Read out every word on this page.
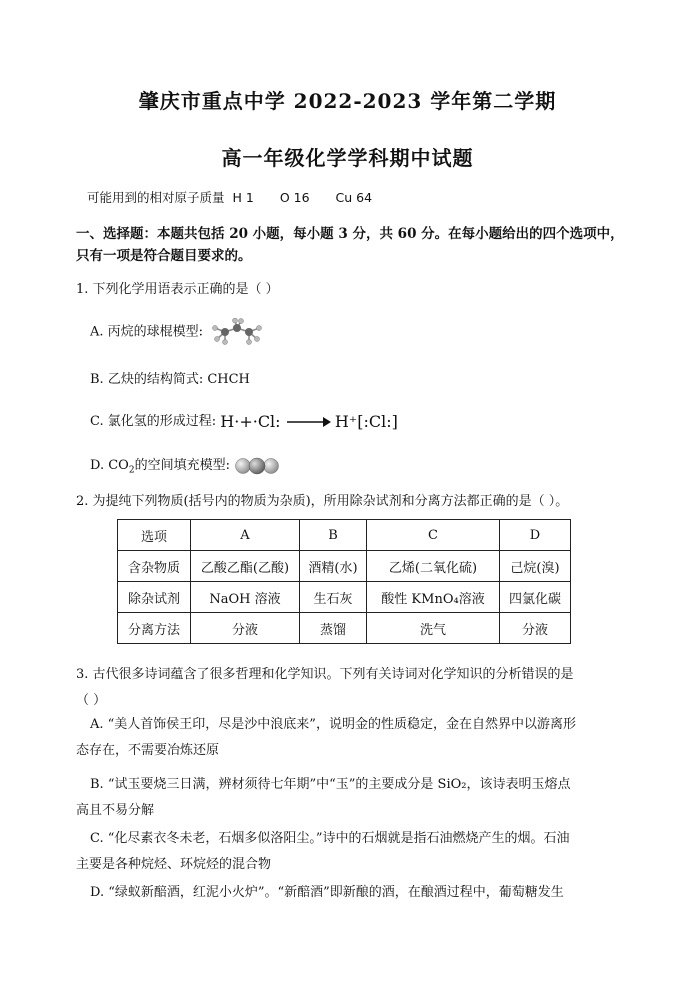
肇庆市重点中学 2022-2023 学年第二学期
高一年级化学学科期中试题
可能用到的相对原子质量 H 1 O 16 Cu 64
一、选择题：本题共包括 20 小题，每小题 3 分，共 60 分。在每小题给出的四个选项中，
只有一项是符合题目要求的。
1. 下列化学用语表示正确的是（ ）
A. 丙烷的球棍模型:
B. 乙炔的结构简式: CHCH
C. 氯化氢的形成过程: H·+·Cl: → H⁺[:Cl:]
D. $CO_2$的空间填充模型:
2. 为提纯下列物质(括号内的物质为杂质)，所用除杂试剂和分离方法都正确的是（ ）。
选项	A	B	C	D
含杂物质	乙酸乙酯(乙酸)	酒精(水)	乙烯(二氧化硫)	己烷(溴)
除杂试剂	NaOH 溶液	生石灰	酸性 KMnO₄溶液	四氯化碳
分离方法	分液	蒸馏	洗气	分液
3. 古代很多诗词蕴含了很多哲理和化学知识。下列有关诗词对化学知识的分析错误的是
（ ）
A. “美人首饰侯王印，尽是沙中浪底来”，说明金的性质稳定，金在自然界中以游离形
态存在，不需要冶炼还原
B. “试玉要烧三日满，辨材须待七年期”中“玉”的主要成分是 SiO₂，该诗表明玉熔点
高且不易分解
C. “化尽素衣冬未老，石烟多似洛阳尘。”诗中的石烟就是指石油燃烧产生的烟。石油
主要是各种烷烃、环烷烃的混合物
D. “绿蚁新醅酒，红泥小火炉”。“新醅酒”即新酿的酒，在酿酒过程中，葡萄糖发生
